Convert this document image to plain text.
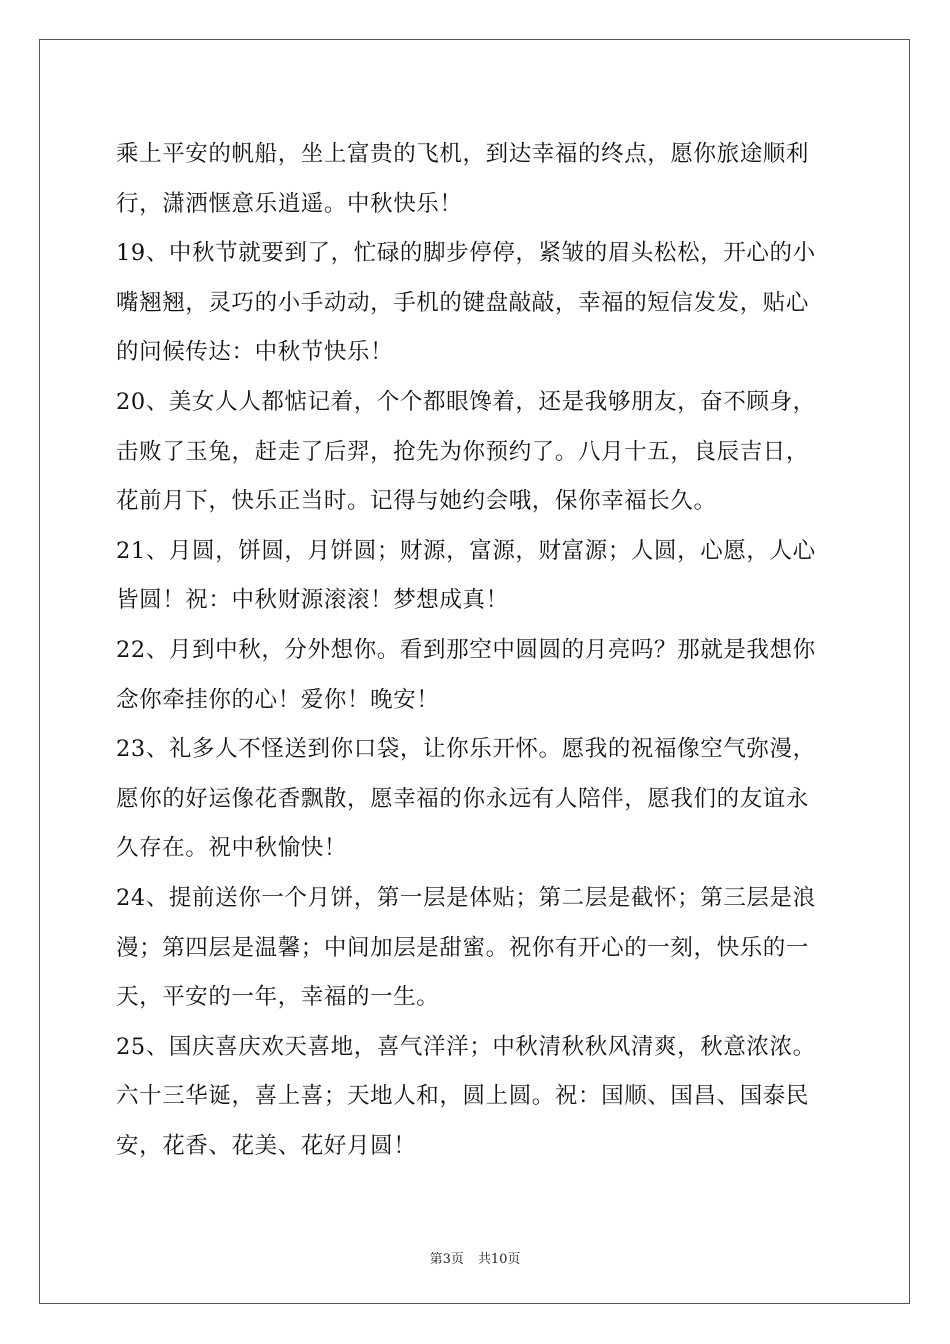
乘上平安的帆船，坐上富贵的飞机，到达幸福的终点，愿你旅途顺利
行，潇洒惬意乐逍遥。中秋快乐！
19、中秋节就要到了，忙碌的脚步停停，紧皱的眉头松松，开心的小
嘴翘翘，灵巧的小手动动，手机的键盘敲敲，幸福的短信发发，贴心
的问候传达：中秋节快乐！
20、美女人人都惦记着，个个都眼馋着，还是我够朋友，奋不顾身，
击败了玉兔，赶走了后羿，抢先为你预约了。八月十五，良辰吉日，
花前月下，快乐正当时。记得与她约会哦，保你幸福长久。
21、月圆，饼圆，月饼圆；财源，富源，财富源；人圆，心愿，人心
皆圆！祝：中秋财源滚滚！梦想成真！
22、月到中秋，分外想你。看到那空中圆圆的月亮吗？那就是我想你
念你牵挂你的心！爱你！晚安！
23、礼多人不怪送到你口袋，让你乐开怀。愿我的祝福像空气弥漫，
愿你的好运像花香飘散，愿幸福的你永远有人陪伴，愿我们的友谊永
久存在。祝中秋愉快！
24、提前送你一个月饼，第一层是体贴；第二层是截怀；第三层是浪
漫；第四层是温馨；中间加层是甜蜜。祝你有开心的一刻，快乐的一
天，平安的一年，幸福的一生。
25、国庆喜庆欢天喜地，喜气洋洋；中秋清秋秋风清爽，秋意浓浓。
六十三华诞，喜上喜；天地人和，圆上圆。祝：国顺、国昌、国泰民
安，花香、花美、花好月圆！
第3页 共10页
